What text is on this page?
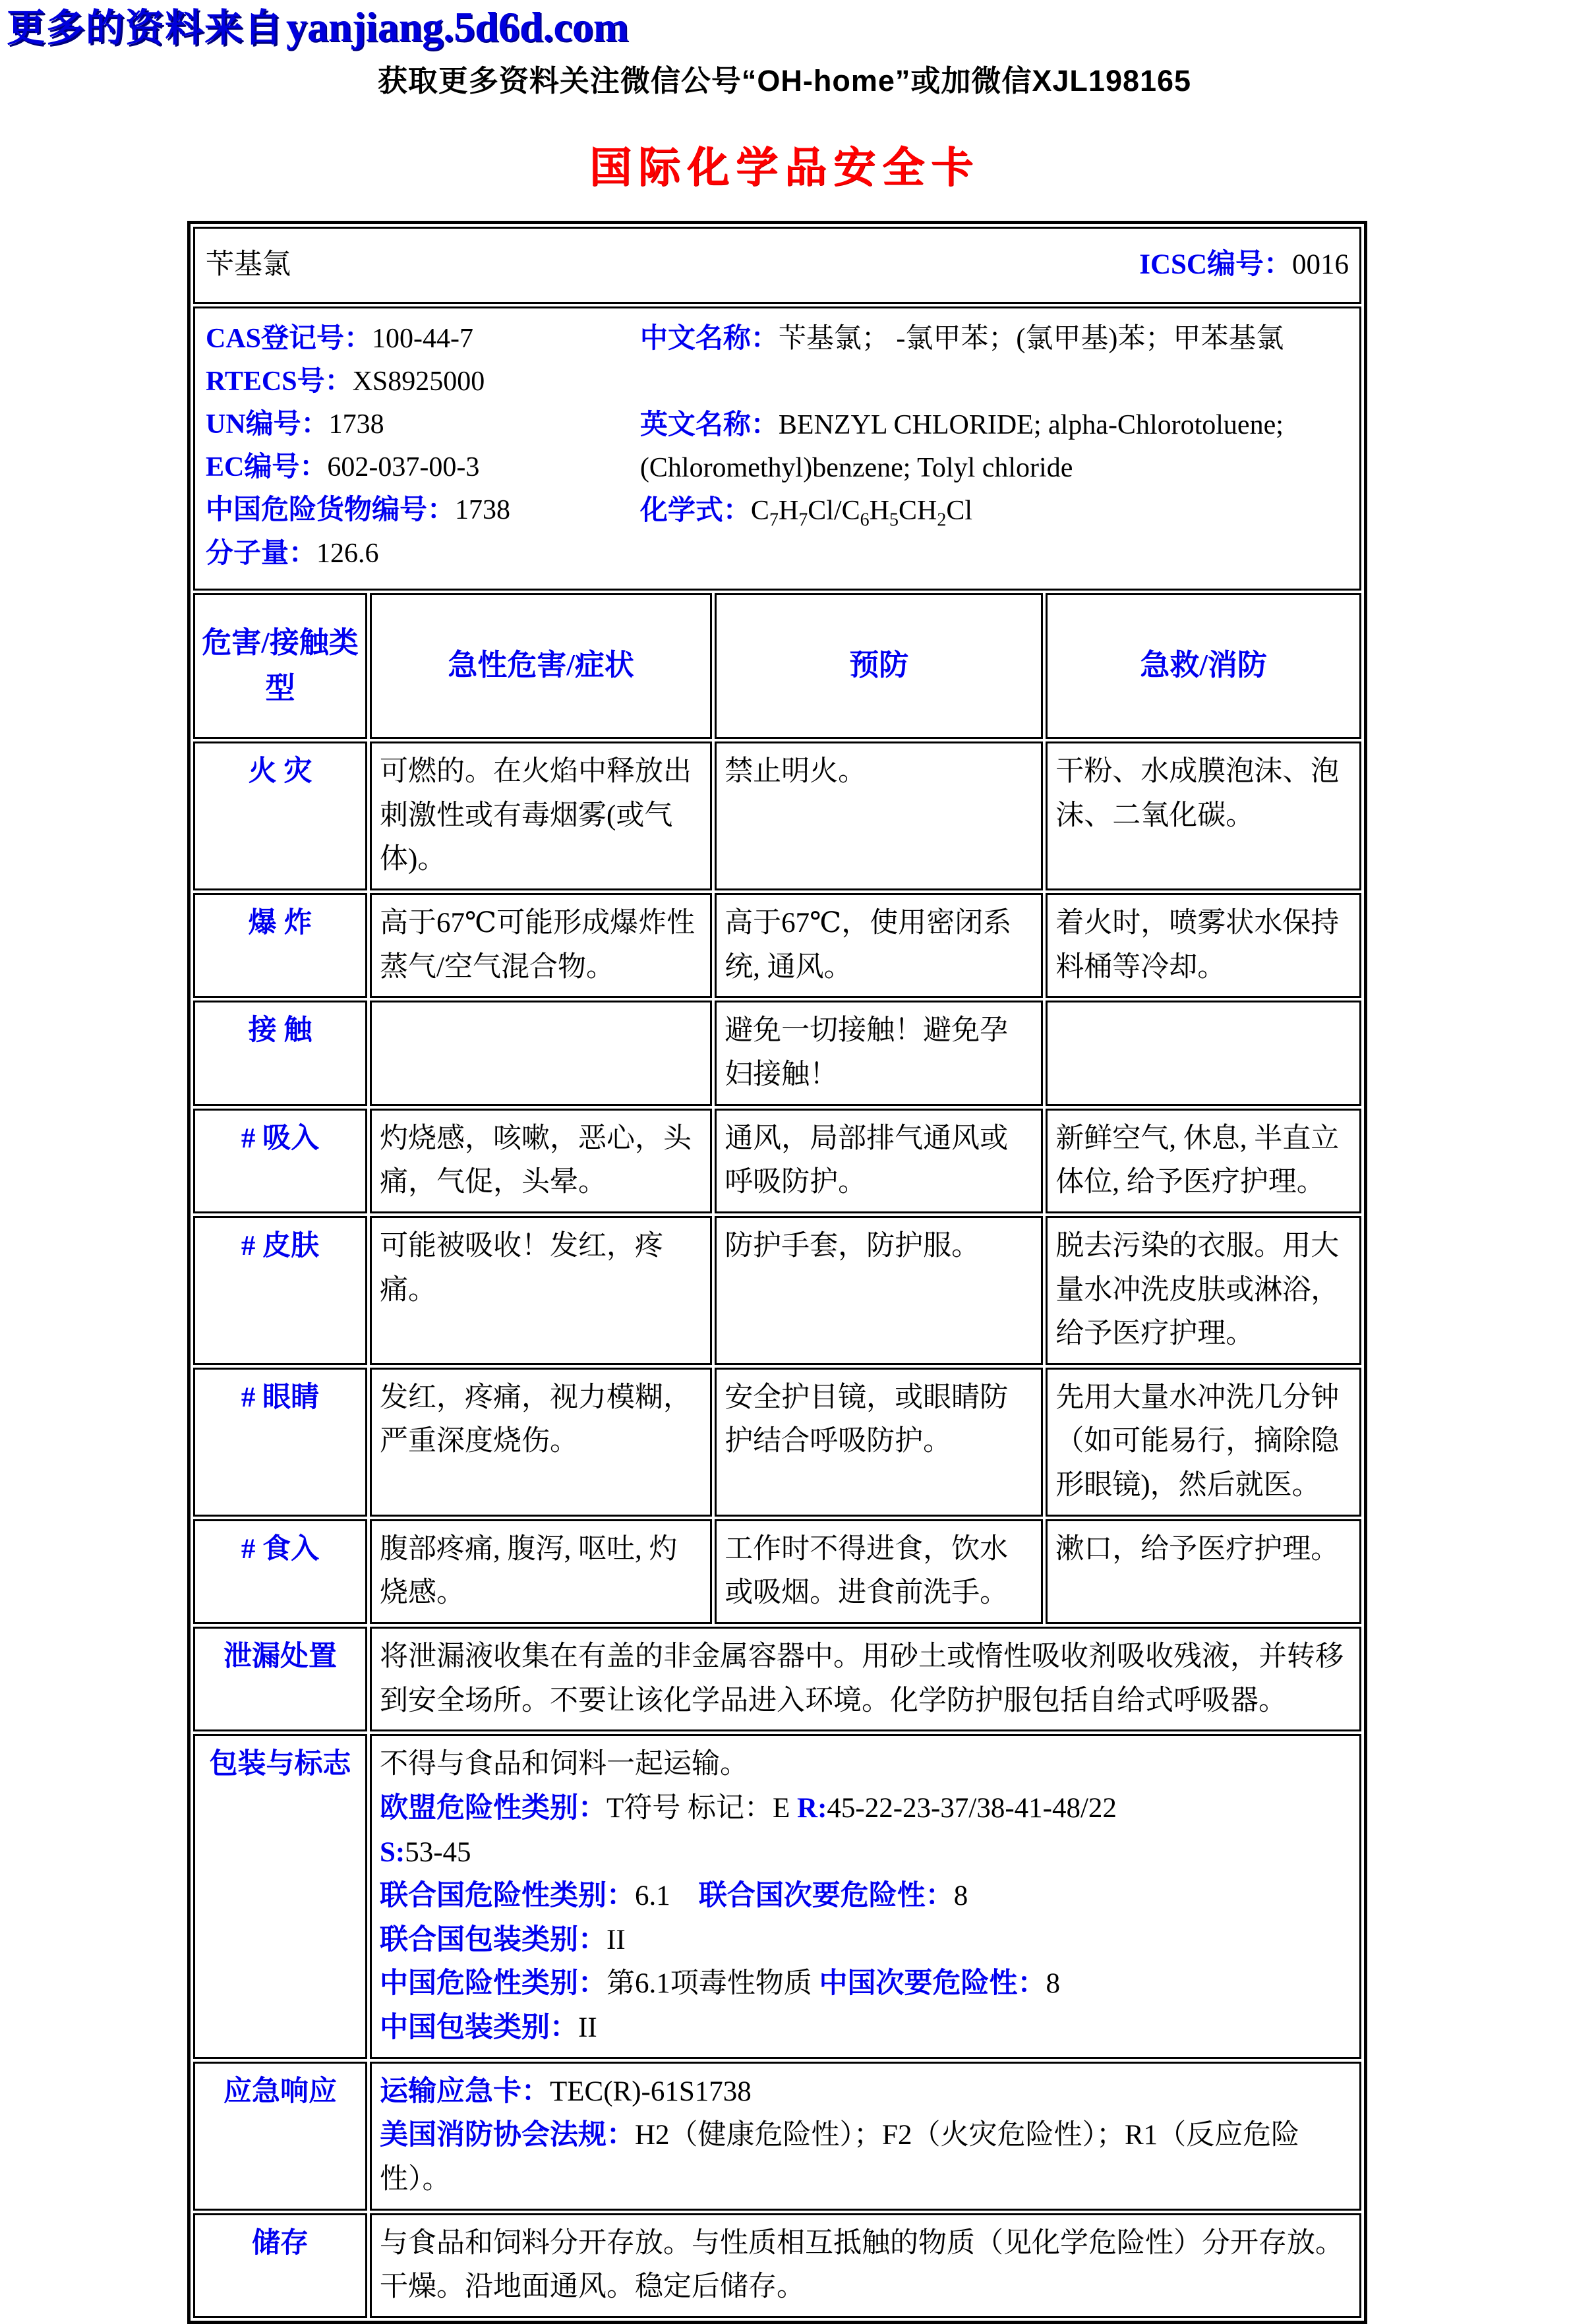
更多的资料来自 yanjiang.5d6d.com
获取更多资料关注微信公号“OH-home”或加微信XJL198165
国际化学品安全卡
苄基氯 ICSC编号：0016			

CAS登记号：100-44-7
RTECS号：XS8925000
UN编号：1738
EC编号：602-037-00-3
中国危险货物编号：1738
分子量：126.6
中文名称：苄基氯； -氯甲苯；(氯甲基)苯；甲苯基氯
英文名称：BENZYL CHLORIDE; alpha-Chlorotoluene; (Chloromethyl)benzene; Tolyl chloride
化学式：$C_7H_7Cl/C_6H_5CH_2Cl$

危害/接触类型	急性危害/症状	预防	急救/消防
火 灾	可燃的。在火焰中释放出刺激性或有毒烟雾(或气体)。	禁止明火。	干粉、水成膜泡沫、泡沫、二氧化碳。
爆 炸	高于67℃可能形成爆炸性蒸气/空气混合物。	高于67℃，使用密闭系统, 通风。	着火时，喷雾状水保持料桶等冷却。
接 触		避免一切接触！避免孕妇接触！	
# 吸入	灼烧感，咳嗽，恶心，头痛，气促，头晕。	通风，局部排气通风或呼吸防护。	新鲜空气, 休息, 半直立体位, 给予医疗护理。
# 皮肤	可能被吸收！发红，疼痛。	防护手套，防护服。	脱去污染的衣服。用大量水冲洗皮肤或淋浴，给予医疗护理。
# 眼睛	发红，疼痛，视力模糊，严重深度烧伤。	安全护目镜，或眼睛防护结合呼吸防护。	先用大量水冲洗几分钟（如可能易行，摘除隐形眼镜)，然后就医。
# 食入	腹部疼痛, 腹泻, 呕吐, 灼烧感。	工作时不得进食，饮水或吸烟。进食前洗手。	漱口，给予医疗护理。
泄漏处置	将泄漏液收集在有盖的非金属容器中。用砂土或惰性吸收剂吸收残液，并转移到安全场所。不要让该化学品进入环境。化学防护服包括自给式呼吸器。		
包装与标志	不得与食品和饲料一起运输。
欧盟危险性类别：T符号 标记：E R:45-22-23-37/38-41-48/22
S:53-45
联合国危险性类别：6.1　联合国次要危险性：8
联合国包装类别：II
中国危险性类别：第6.1项毒性物质 中国次要危险性：8
中国包装类别：II

应急响应	运输应急卡：TEC(R)-61S1738
美国消防协会法规：H2（健康危险性）；F2（火灾危险性）；R1（反应危险性）。		

储存	与食品和饲料分开存放。与性质相互抵触的物质（见化学危险性）分开存放。干燥。沿地面通风。稳定后储存。		
